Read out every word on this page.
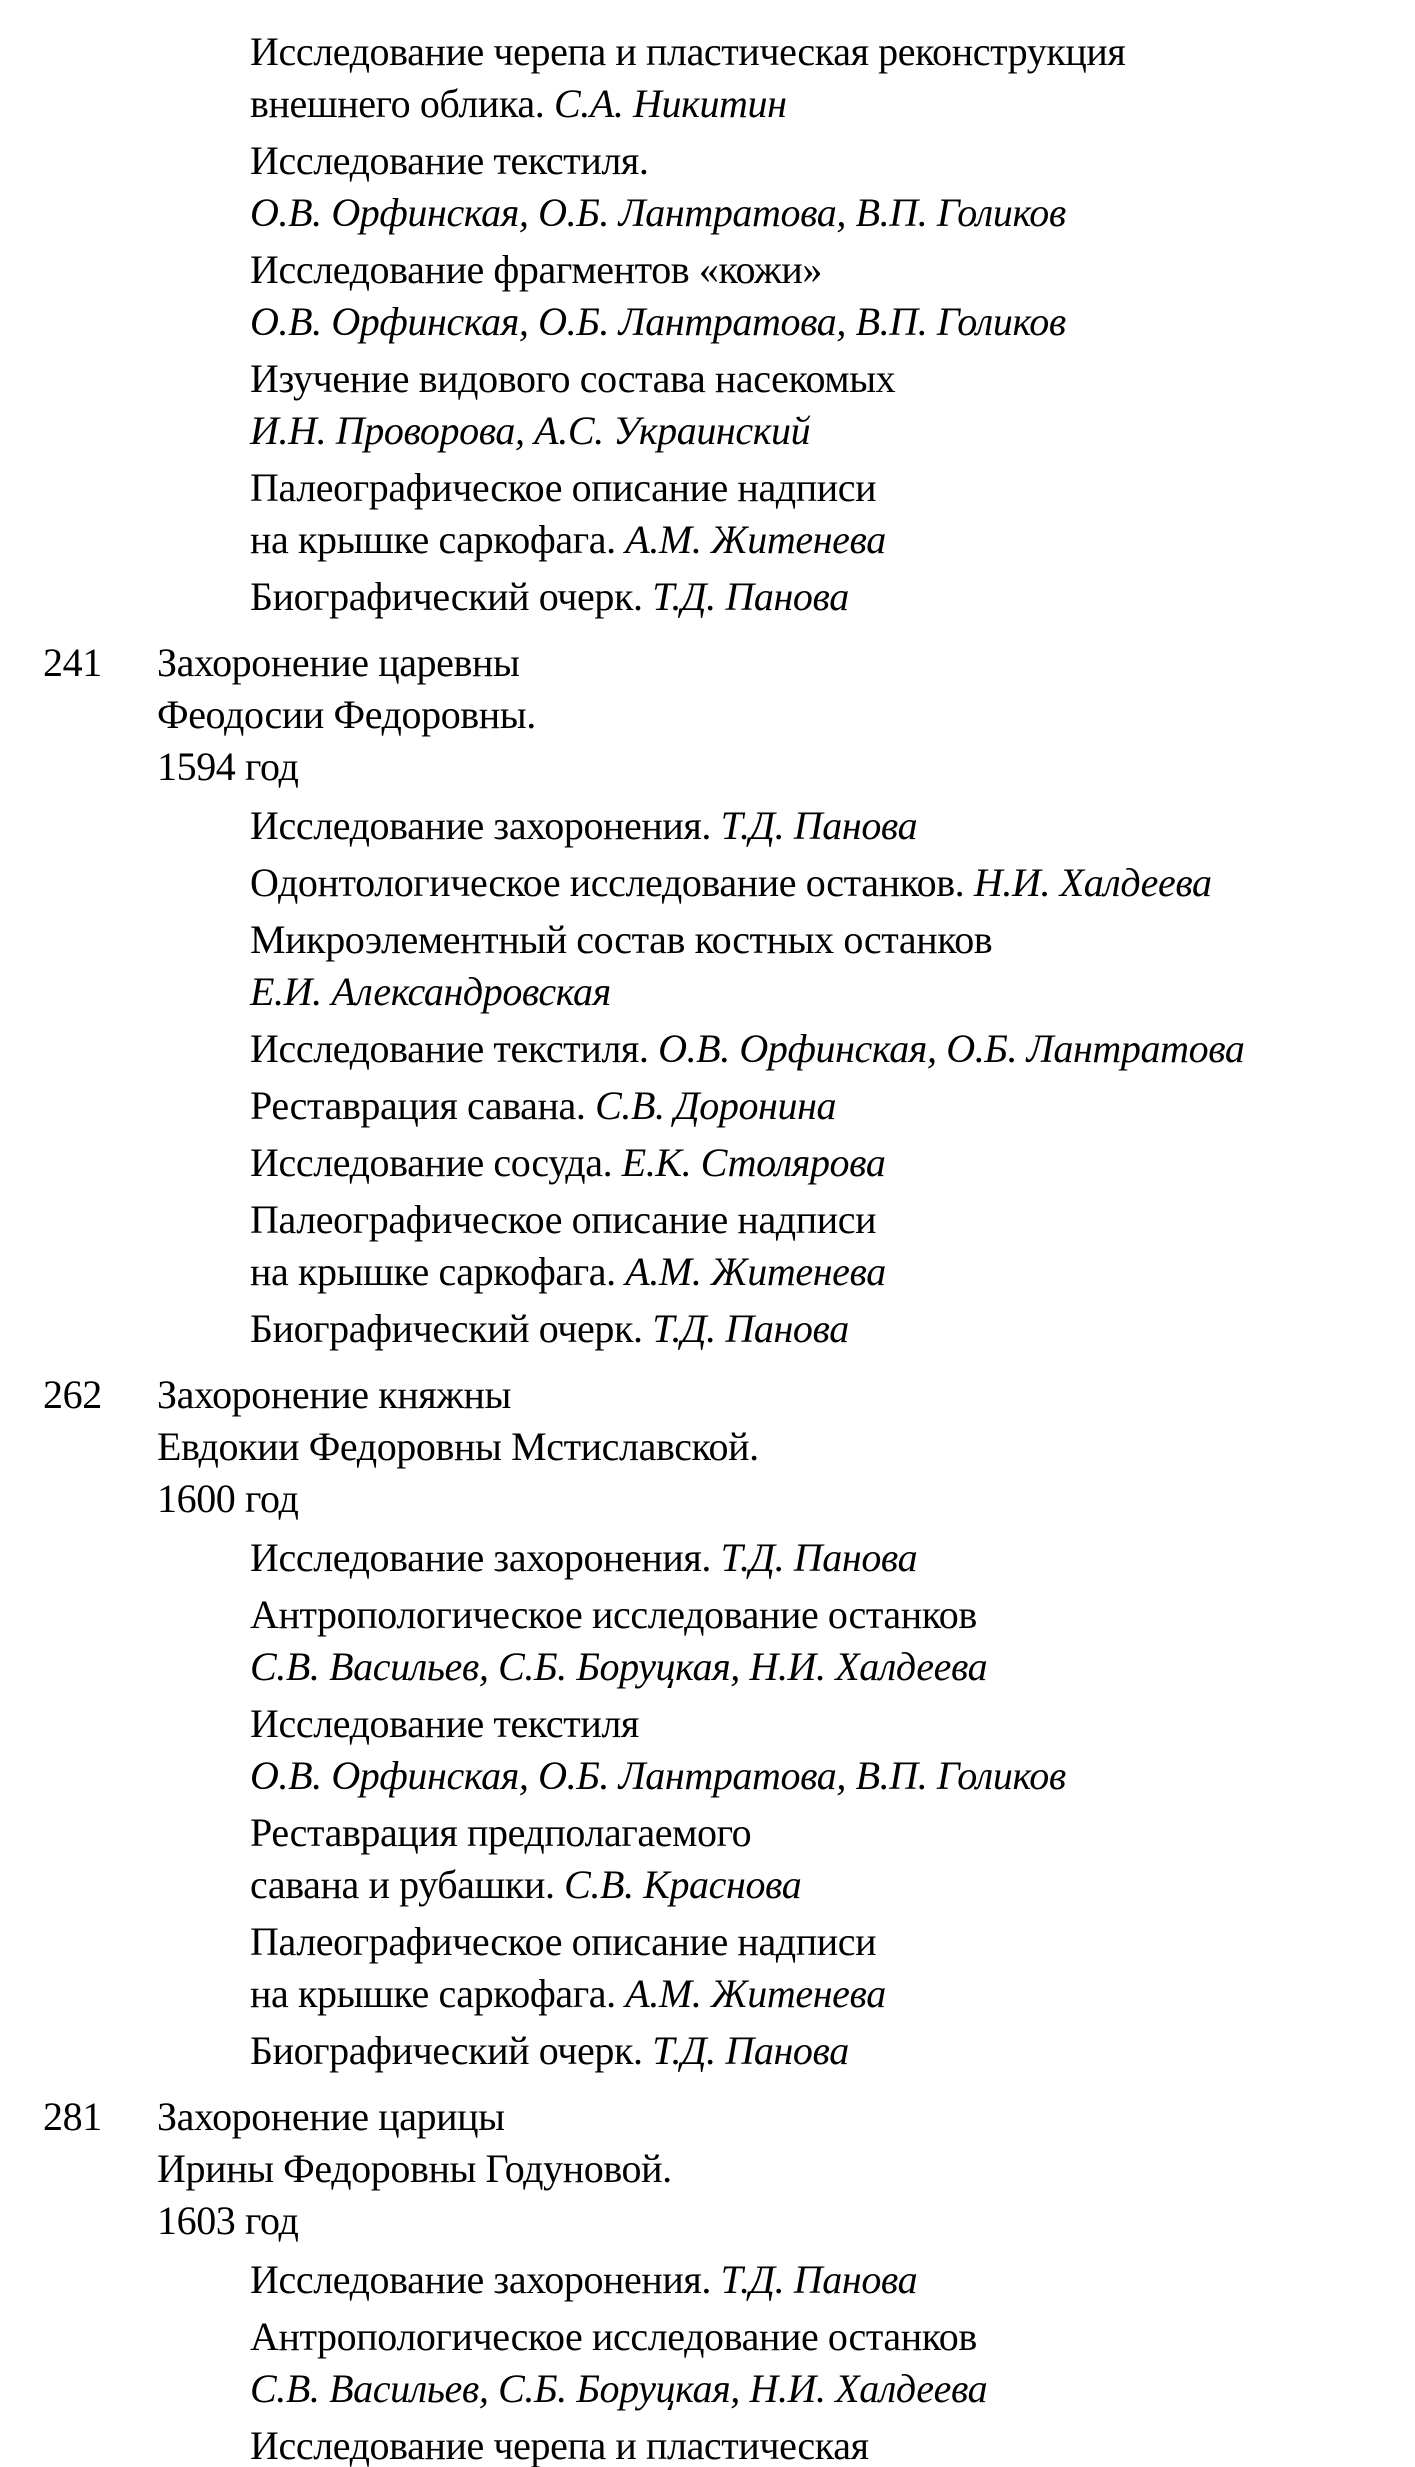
Исследование черепа и пластическая реконструкция
внешнего облика. С.А. Никитин
Исследование текстиля.
О.В. Орфинская, О.Б. Лантратова, В.П. Голиков
Исследование фрагментов «кожи»
О.В. Орфинская, О.Б. Лантратова, В.П. Голиков
Изучение видового состава насекомых
И.Н. Проворова, А.С. Украинский
Палеографическое описание надписи
на крышке саркофага. А.М. Житенева
Биографический очерк. Т.Д. Панова
241 Захоронение царевны
Феодосии Федоровны.
1594 год
Исследование захоронения. Т.Д. Панова
Одонтологическое исследование останков. Н.И. Халдеева
Микроэлементный состав костных останков
Е.И. Александровская
Исследование текстиля. О.В. Орфинская, О.Б. Лантратова
Реставрация савана. С.В. Доронина
Исследование сосуда. Е.К. Столярова
Палеографическое описание надписи
на крышке саркофага. А.М. Житенева
Биографический очерк. Т.Д. Панова
262 Захоронение княжны
Евдокии Федоровны Мстиславской.
1600 год
Исследование захоронения. Т.Д. Панова
Антропологическое исследование останков
С.В. Васильев, С.Б. Боруцкая, Н.И. Халдеева
Исследование текстиля
О.В. Орфинская, О.Б. Лантратова, В.П. Голиков
Реставрация предполагаемого
савана и рубашки. С.В. Краснова
Палеографическое описание надписи
на крышке саркофага. А.М. Житенева
Биографический очерк. Т.Д. Панова
281 Захоронение царицы
Ирины Федоровны Годуновой.
1603 год
Исследование захоронения. Т.Д. Панова
Антропологическое исследование останков
С.В. Васильев, С.Б. Боруцкая, Н.И. Халдеева
Исследование черепа и пластическая
